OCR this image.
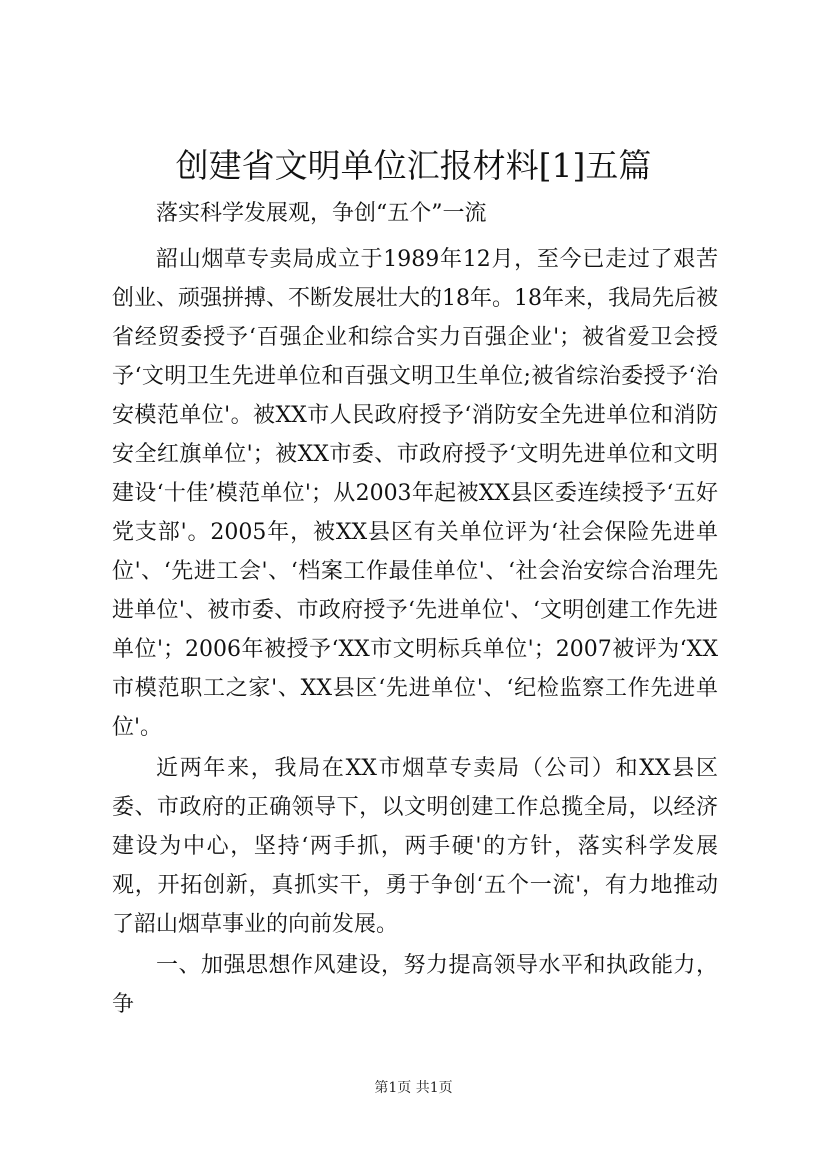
创建省文明单位汇报材料[1]五篇

落实科学发展观，争创“五个”一流

韶山烟草专卖局成立于1989年12月，至今已走过了艰苦创业、顽强拼搏、不断发展壮大的18年。18年来，我局先后被省经贸委授予‘百强企业和综合实力百强企业'；被省爱卫会授予‘文明卫生先进单位和百强文明卫生单位;被省综治委授予‘治安模范单位'。被XX市人民政府授予‘消防安全先进单位和消防安全红旗单位'；被XX市委、市政府授予‘文明先进单位和文明建设‘十佳’模范单位'；从2003年起被XX县区委连续授予‘五好党支部'。2005年，被XX县区有关单位评为‘社会保险先进单位'、‘先进工会'、‘档案工作最佳单位'、‘社会治安综合治理先进单位'、被市委、市政府授予‘先进单位'、‘文明创建工作先进单位'；2006年被授予‘XX市文明标兵单位'；2007被评为‘XX市模范职工之家'、XX县区‘先进单位'、‘纪检监察工作先进单位'。

近两年来，我局在XX市烟草专卖局（公司）和XX县区委、市政府的正确领导下，以文明创建工作总揽全局，以经济建设为中心，坚持‘两手抓，两手硬'的方针，落实科学发展观，开拓创新，真抓实干，勇于争创‘五个一流'，有力地推动了韶山烟草事业的向前发展。

一、加强思想作风建设，努力提高领导水平和执政能力，争

第1页 共1页
